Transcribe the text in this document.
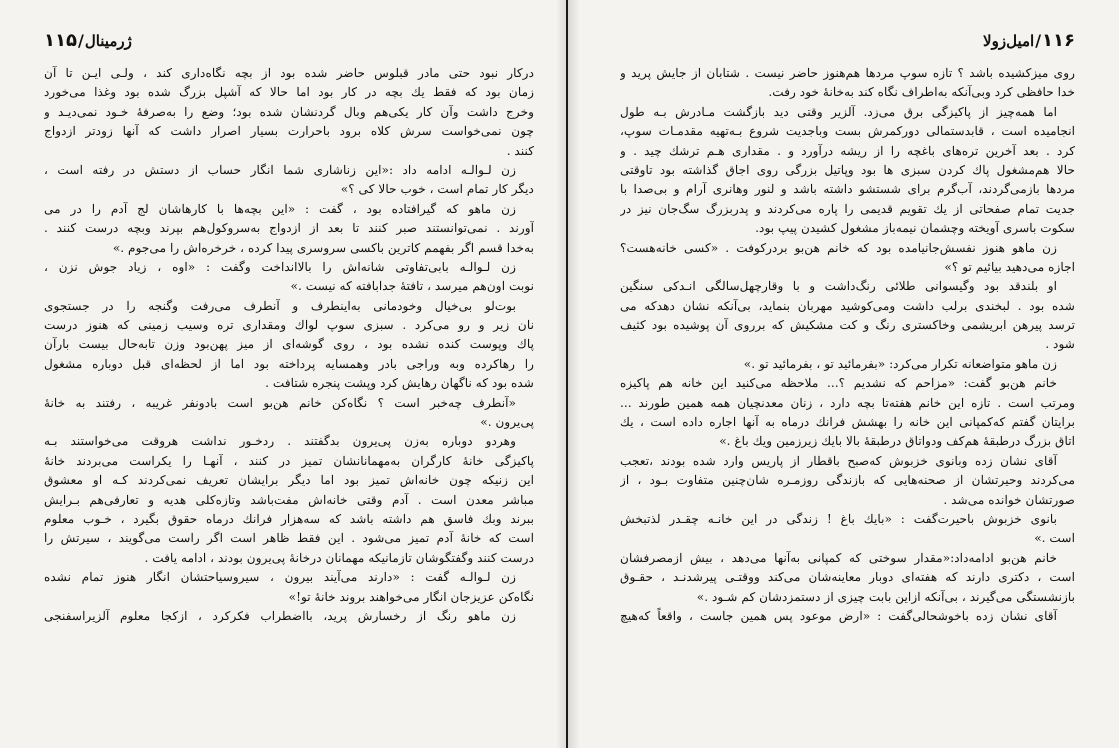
ژرمینال/۱۱۵
درکار نبود حتی مادر قبلوس حاضر شده بود از بچه نگاه‌داری کند ، ولـی ایـن تا آن
زمان بود که فقط یك بچه در کار بود اما حالا که آشپل بزرگ شده بود وغذا می‌خورد
وخرج داشت وآن کار یکی‌هم وبال گردنشان شده بود؛ وضع را به‌صرفهٔ خـود نمی‌دیـد و
چون نمی‌خواست سرش کلاه برود باحرارت بسیار اصرار داشت که آنها زودتر ازدواج
کنند .
زن لـوالـه ادامه داد :«این زناشاری شما انگار حساب از دستش در رفته است ،
دیگر کار تمام است ، خوب حالا کی ؟»
زن ماهو که گیرافتاده بود ، گفت : «این بچه‌ها با کارهاشان لج آدم را در می‌
آورند . نمی‌توانستند صبر کنند تا بعد از ازدواج به‌سروکول‌هم بپرند وبچه درست کنند .
به‌خدا قسم اگر بفهمم کاترین باکسی سروسری پیدا کرده ، خرخره‌اش را می‌جوم .»
زن لـوالـه بابی‌تفاوتی شانه‌اش را بالاانداخت وگفت : «اوه ، زیاد جوش نزن ،
نوبت اون‌هم میرسد ، تافتهٔ جدابافته که نیست .»
بوت‌لو بی‌خیال وخودمانی به‌اینطرف و آنطرف می‌رفت وگنجه را در جستجوی
نان زیر و رو می‌کرد . سبزی سوپ لواك ومقداری تره وسیب زمینی که هنوز درست
پاك وپوست کنده نشده بود ، روی گوشه‌ای از میز پهن‌بود وزن تابه‌حال بیست بارآن
را رهاکرده وبه وراجی بادر وهمسایه پرداخته بود اما از لحظه‌ای قبل دوباره مشغول
شده بود که ناگهان رهایش کرد وپشت پنجره شتافت .
«آنطرف چه‌خبر است ؟ نگاه‌کن خانم هن‌بو است بادونفر غریبه ، رفتند به خانهٔ
پی‌یرون .»
وهردو دوباره به‌زن پی‌یرون بدگفتند . ردخـور نداشت هروقت می‌خواستند بـه
پاکیزگی خانهٔ کارگران به‌مهمانانشان تمیز در کنند ، آنهـا را یکراست می‌بردند خانهٔ
این زنیکه چون خانه‌اش تمیز بود اما دیگر برایشان تعریف نمی‌کردند کـه او معشوق
مباشر معدن است . آدم وقتی خانه‌اش مفت‌باشد وتازه‌کلی هدیه و تعارفی‌هم بـرایش
ببرند وبك فاسق هم داشته باشد که سه‌هزار فرانك درماه حقوق بگیرد ، خـوب معلوم
است که خانهٔ آدم تمیز می‌شود . این فقط ظاهر است اگر راست می‌گویند ، سیرتش را
درست کنند وگفتگوشان تازمانیکه مهمانان درخانهٔ پی‌یرون بودند ، ادامه یافت .
زن لـوالـه گفت : «دارند می‌آیند بیرون ، سیروسیاحتشان انگار هنوز تمام نشده
نگاه‌کن عزیزجان انگار می‌خواهند بروند خانهٔ تو!»
زن ماهو رنگ از رخسارش پرید، بااضطراب فکرکرد ، ازکجا معلوم آلزیراسفنجی
۱۱۶/امیل‌زولا
روی میزکشیده باشد ؟ تازه سوپ مردها هم‌هنوز حاضر نیست . شتابان از جایش پرید و
خدا حافظی کرد وبی‌آنکه به‌اطراف نگاه کند به‌خانهٔ خود رفت.
اما همه‌چیز از پاکیزگی برق می‌زد. آلزیر وقتی دید بازگشت مـادرش بـه طول
انجامیده است ، قابدستمالی دورکمرش بست وباجدیت شروع بـه‌تهیه مقدمـات سوپ،
کرد . بعد آخرین تره‌های باغچه را از ریشه درآورد و . مقداری هـم ترشك چید . و
حالا هم‌مشغول پاك کردن سبزی ها بود وپاتیل بزرگی روی اجاق گذاشته بود تاوقتی
مردها بازمی‌گردند، آب‌گرم برای شستشو داشته باشد و لنور وهانری آرام و بی‌صدا با
جدیت تمام صفحاتی از یك تقویم قدیمی را پاره می‌کردند و پدربزرگ سگ‌جان نیز در
سکوت باسری آویخته وچشمان نیمه‌باز مشغول کشیدن پیپ بود.
زن ماهو هنوز نفسش‌جانیامده بود که خانم هن‌بو بردرکوفت . «کسی خانه‌هست؟
اجازه می‌دهید بیائیم تو ؟»
او بلندقد بود وگیسوانی طلائی رنگ‌داشت و با وقارچهل‌سالگی انـدکی سنگین
شده بود . لبخندی برلب داشت ومی‌کوشید مهربان بنماید، بی‌آنکه نشان دهدکه می‌
ترسد پیرهن ابریشمی وخاکستری رنگ و کت مشکیش که برروی آن پوشیده بود کثیف
شود .
زن ماهو متواضعانه تکرار می‌کرد: «بفرمائید تو ، بفرمائید تو .»
خانم هن‌بو گفت: «مزاحم که نشدیم ؟... ملاحظه می‌کنید این خانه هم پاکیزه
ومرتب است . تازه این خانم هفته‌تا بچه دارد ، زنان معدنچیان همه همین طورند ...
برایتان گفتم که‌کمپانی این خانه را بهشش فرانك درماه به آنها اجاره داده است ، یك
اتاق بزرگ درطبقهٔ هم‌کف ودواتاق درطبقهٔ بالا بایك زیرزمین ویك باغ .»
آقای نشان زده وبانوی خزبوش که‌صبح باقطار از پاریس وارد شده بودند ،تعجب
می‌کردند وحیرتشان از صحنه‌هایی که بازندگی روزمـره شان‌چنین متفاوت بـود ، از
صورتشان خوانده می‌شد .
بانوی خزبوش باحیرت‌گفت : «بایك باغ ! زندگی در این خانـه چقـدر لذتبخش
است .»
خانم هن‌بو ادامه‌داد:«مقدار سوختی که کمپانی به‌آنها می‌دهد ، بیش ازمصرفشان
است ، دکتری دارند که هفته‌ای دوبار معاینه‌شان می‌کند ووقتـی پیرشدنـد ، حقـوق
بازنشستگی می‌گیرند ، بی‌آنکه ازاین بابت چیزی از دستمزدشان کم شـود .»
آقای نشان زده باخوشحالی‌گفت : «ارض موعود پس همین جاست ، واقعاً که‌هیچ
